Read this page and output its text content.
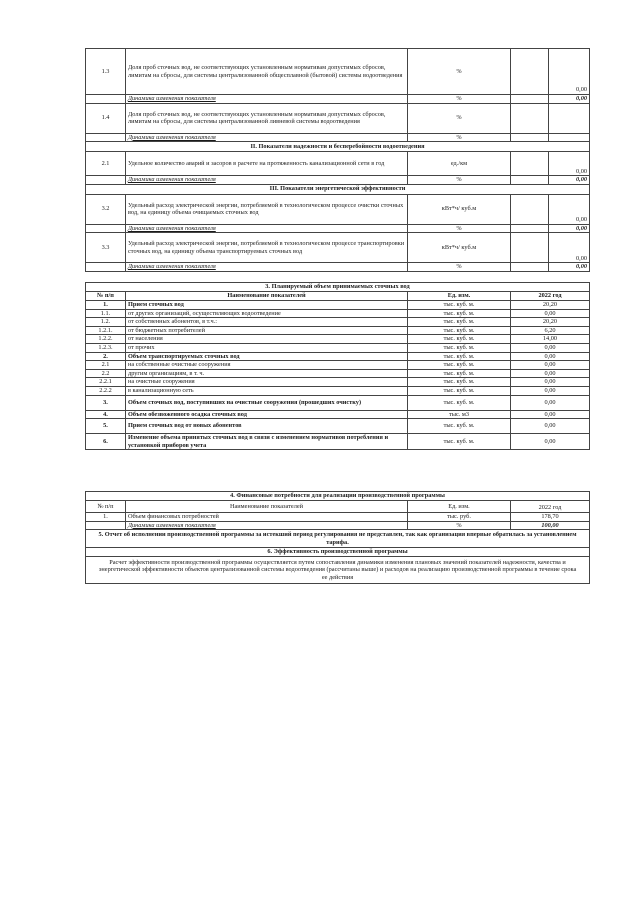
1.3	Доля проб сточных вод, не соответствующих установленным нормативам допустимых сбросов, лимитам на сбросы, для системы централизованной общесплавной (бытовой) системы водоотведения	%		0,00
	Динамика изменения показателя	%		0,00
1.4	Доля проб сточных вод, не соответствующих установленным нормативам допустимых сбросов, лимитам на сбросы, для системы централизованной ливневой системы водоотведения	%		
	Динамика изменения показателя	%		
II. Показатели надежности и бесперебойности водоотведения				
2.1	Удельное количество аварий и засоров в расчете на протяженность канализационной сети в год	ед./км		0,00
	Динамика изменения показателя	%		0,00
III. Показатели энергетической эффективности				
3.2	Удельный расход электрической энергии, потребляемой в технологическом процессе очистки сточных вод, на единицу объема очищаемых сточных вод	кВт*ч/ куб.м		0,00
	Динамика изменения показателя	%		0,00
3.3	Удельный расход электрической энергии, потребляемой в технологическом процессе транспортировки сточных вод, на единицу объема транспортируемых сточных вод	кВт*ч/ куб.м		0,00
	Динамика изменения показателя	%		0,00
3. Планируемый объем принимаемых сточных вод			
№ п/п	Наименование показателей	Ед. изм.	2022 год
1.	Прием сточных вод	тыс. куб. м.	20,20
1.1.	от других организаций, осуществляющих водоотведение	тыс. куб. м.	0,00
1.2.	от собственных абонентов, в т.ч.:	тыс. куб. м.	20,20
1.2.1.	от бюджетных потребителей	тыс. куб. м.	6,20
1.2.2.	от населения	тыс. куб. м.	14,00
1.2.3.	от прочих	тыс. куб. м.	0,00
2.	Объем транспортируемых сточных вод	тыс. куб. м.	0,00
2.1	на собственные очистные сооружения	тыс. куб. м.	0,00
2.2	другим организациям, в т. ч.	тыс. куб. м.	0,00
2.2.1	на очистные сооружения	тыс. куб. м.	0,00
2.2.2	в канализационную сеть	тыс. куб. м.	0,00
3.	Объем сточных вод, поступивших на очистные сооружения (прошедших очистку)	тыс. куб. м.	0,00
4.	Объем обезвоженного осадка сточных вод	тыс. м3	0,00
5.	Прием сточных вод от новых абонентов	тыс. куб. м.	0,00
6.	Изменение объема принятых сточных вод в связи с изменением нормативов потребления и установкой приборов учета	тыс. куб. м.	0,00
4. Финансовые потребности для реализации производственной программы			
№ п/п	Наименование показателей	Ед. изм.	2022 год
1.	Объем финансовых потребностей	тыс. руб.	178,70
	Динамика изменения показателя	%	100,00
5. Отчет об исполнении производственной программы за истекший период регулирования не представлен, так как организация впервые обратилась за установлением тарифа.			
6. Эффективность производственной программы			
Расчет эффективности производственной программы осуществляется путем сопоставления динамики изменения плановых значений показателей надежности, качества и энергетической эффективности объектов централизованной системы водоотведения (рассчитаны выше) и расходов на реализацию производственной программы в течение срока ее действия			
